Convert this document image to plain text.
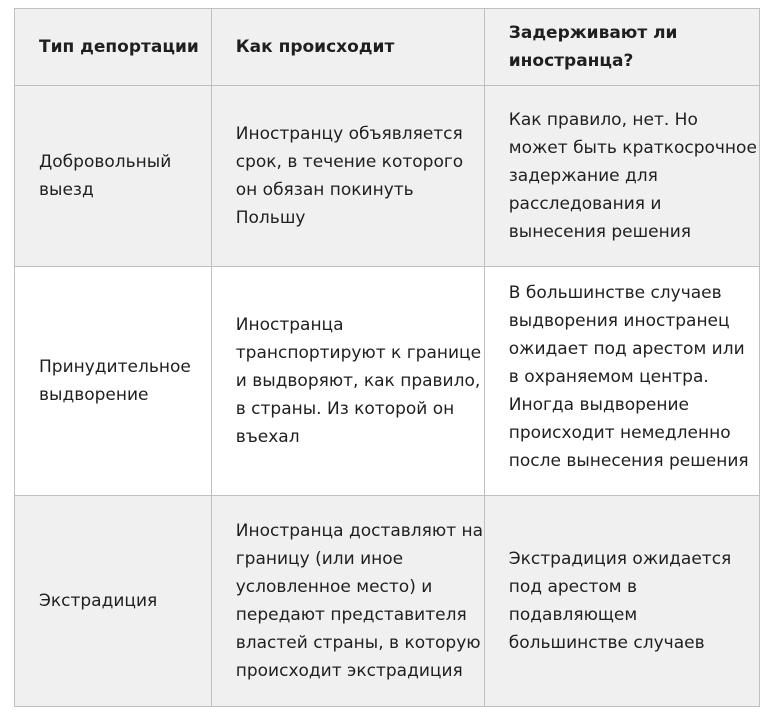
Тип депортации	Как происходит	Задерживают ли иностранца?
Добровольный выезд	Иностранцу объявляется срок, в течение которого он обязан покинуть Польшу	Как правило, нет. Но может быть краткосрочное задержание для расследования и вынесения решения
Принудительное выдворение	Иностранца транспортируют к границе и выдворяют, как правило, в страны. Из которой он въехал	В большинстве случаев выдворения иностранец ожидает под арестом или в охраняемом центра. Иногда выдворение происходит немедленно после вынесения решения

Экстрадиция	Иностранца доставляют на границу (или иное условленное место) и передают представителя властей страны, в которую происходит экстрадиция	Экстрадиция ожидается под арестом в подавляющем большинстве случаев
